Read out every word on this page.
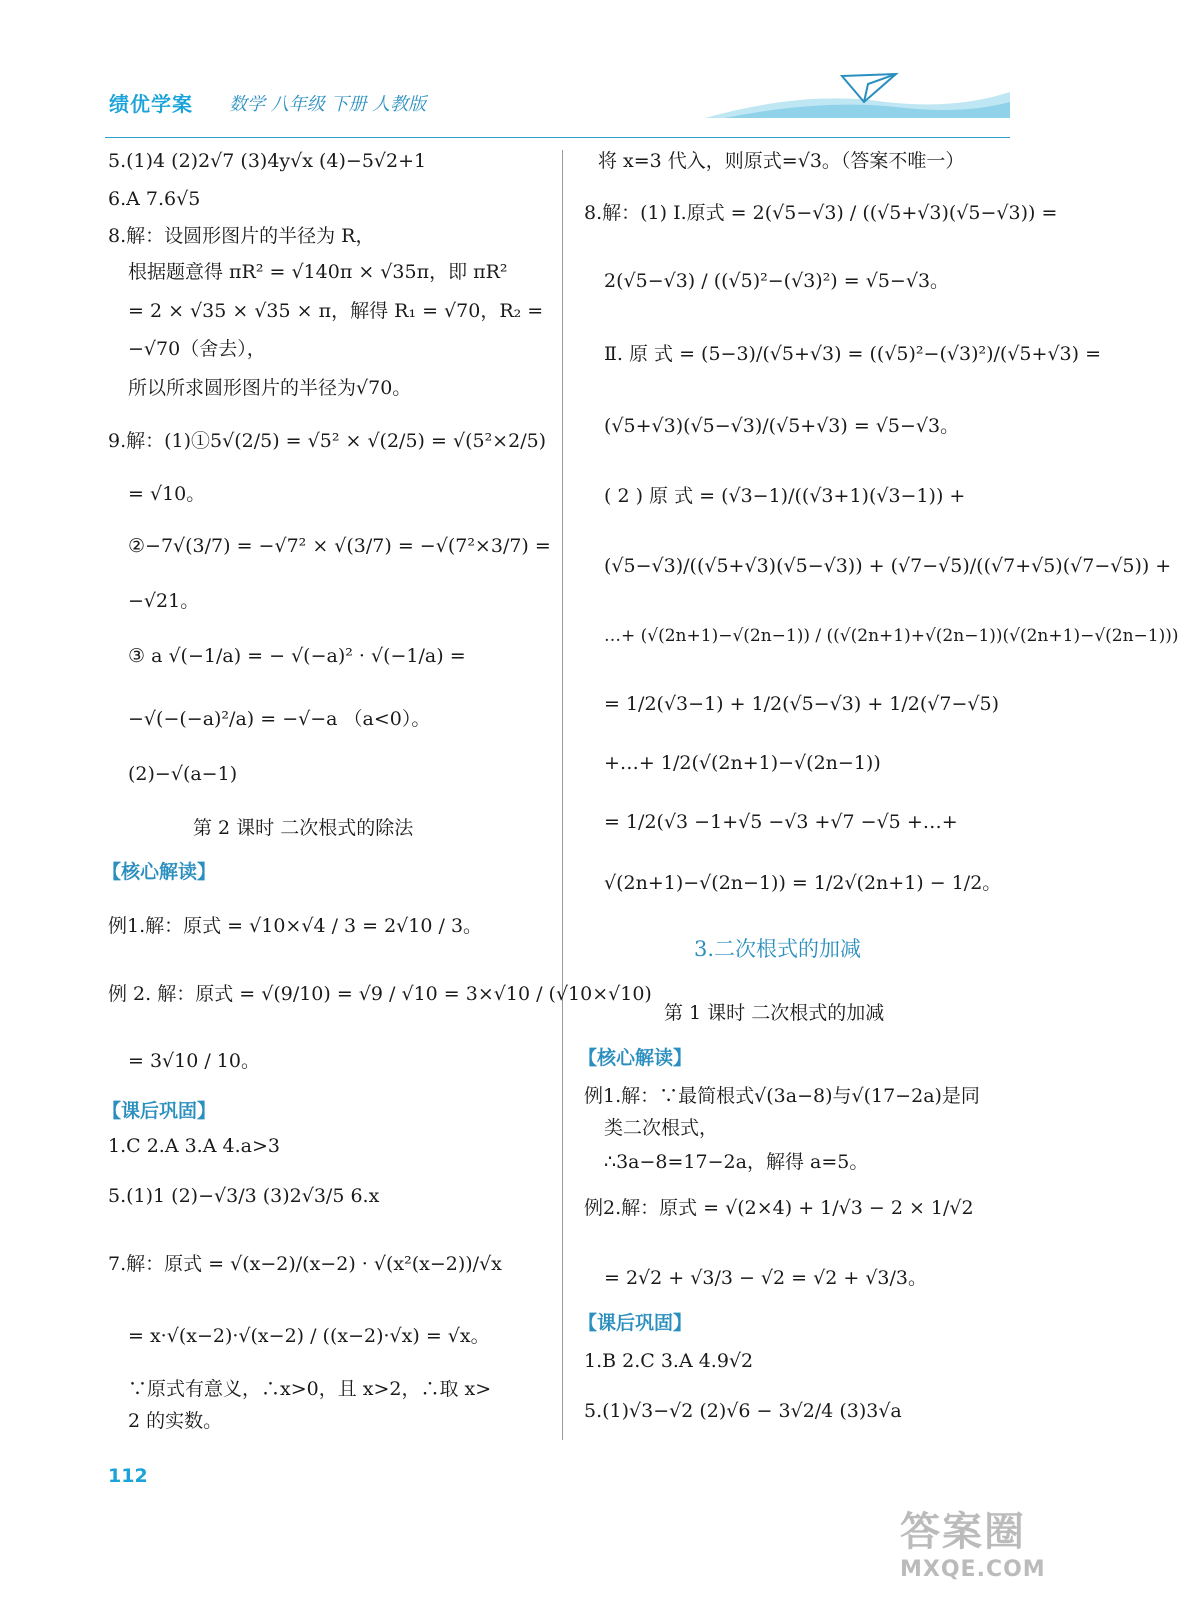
绩优学案 数学 八年级 下册 人教版
5.(1)4 (2)2√7 (3)4y√x (4)−5√2+1
6.A 7.6√5
8.解：设圆形图片的半径为 R，
根据题意得 πR² = √140π × √35π，即 πR²
= 2 × √35 × √35 × π，解得 R₁ = √70，R₂ =
−√70（舍去），
所以所求圆形图片的半径为√70。
9.解：(1)①5√(2/5) = √5² × √(2/5) = √(5²×2/5)
= √10。
②−7√(3/7) = −√7² × √(3/7) = −√(7²×3/7) =
−√21。
③ a √(−1/a) = − √(−a)² · √(−1/a) =
−√(−(−a)²/a) = −√−a （a<0）。
(2)−√(a−1)
第 2 课时 二次根式的除法
【核心解读】
例1.解：原式 = √10×√4 / 3 = 2√10 / 3。
例 2. 解：原式 = √(9/10) = √9 / √10 = 3×√10 / (√10×√10)
= 3√10 / 10。
【课后巩固】
1.C 2.A 3.A 4.a>3
5.(1)1 (2)−√3/3 (3)2√3/5 6.x
7.解：原式 = √(x−2)/(x−2) · √(x²(x−2))/√x
= x·√(x−2)·√(x−2) / ((x−2)·√x) = √x。
∵原式有意义，∴x>0，且 x>2，∴取 x>
2 的实数。
将 x=3 代入，则原式=√3。（答案不唯一）
8.解：(1) Ⅰ.原式 = 2(√5−√3) / ((√5+√3)(√5−√3)) =
2(√5−√3) / ((√5)²−(√3)²) = √5−√3。
Ⅱ. 原 式 = (5−3)/(√5+√3) = ((√5)²−(√3)²)/(√5+√3) =
(√5+√3)(√5−√3)/(√5+√3) = √5−√3。
( 2 ) 原 式 = (√3−1)/((√3+1)(√3−1)) +
(√5−√3)/((√5+√3)(√5−√3)) + (√7−√5)/((√7+√5)(√7−√5)) +
…+ (√(2n+1)−√(2n−1)) / ((√(2n+1)+√(2n−1))(√(2n+1)−√(2n−1)))
= 1/2(√3−1) + 1/2(√5−√3) + 1/2(√7−√5)
+…+ 1/2(√(2n+1)−√(2n−1))
= 1/2(√3 −1+√5 −√3 +√7 −√5 +…+
√(2n+1)−√(2n−1)) = 1/2√(2n+1) − 1/2。
3.二次根式的加减
第 1 课时 二次根式的加减
【核心解读】
例1.解：∵最简根式√(3a−8)与√(17−2a)是同
类二次根式，
∴3a−8=17−2a，解得 a=5。
例2.解：原式 = √(2×4) + 1/√3 − 2 × 1/√2
= 2√2 + √3/3 − √2 = √2 + √3/3。
【课后巩固】
1.B 2.C 3.A 4.9√2
5.(1)√3−√2 (2)√6 − 3√2/4 (3)3√a
112
答案圈
MXQE.COM
